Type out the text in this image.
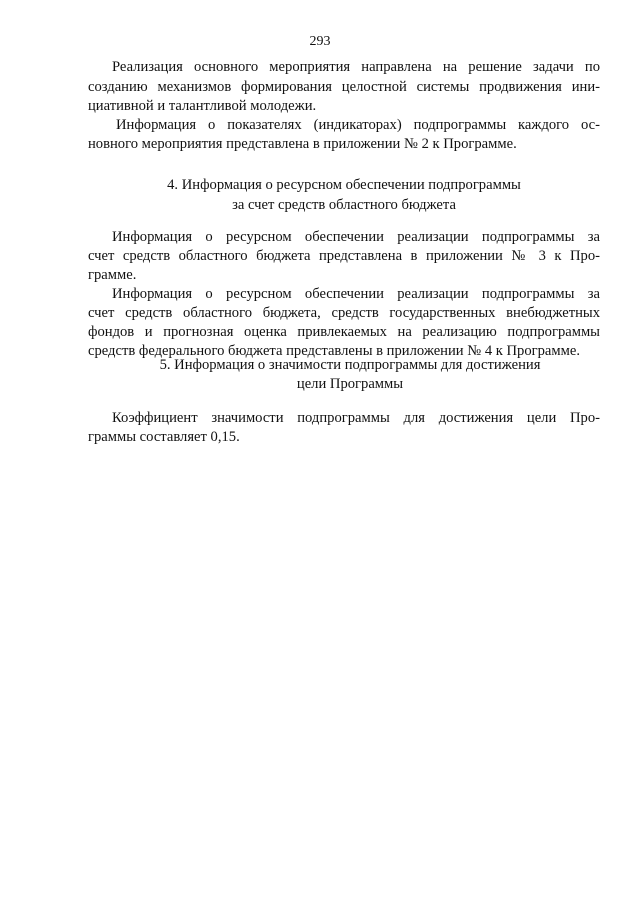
293
Реализация основного мероприятия направлена на решение задачи по
созданию механизмов формирования целостной системы продвижения ини-
циативной и талантливой молодежи.
Информация о показателях (индикаторах) подпрограммы каждого ос-
новного мероприятия представлена в приложении № 2 к Программе.
4. Информация о ресурсном обеспечении подпрограммы
за счет средств областного бюджета
Информация о ресурсном обеспечении реализации подпрограммы за
счет средств областного бюджета представлена в приложении № 3 к Про-
грамме.
Информация о ресурсном обеспечении реализации подпрограммы за
счет средств областного бюджета, средств государственных внебюджетных
фондов и прогнозная оценка привлекаемых на реализацию подпрограммы
средств федерального бюджета представлены в приложении № 4 к Программе.
5. Информация о значимости подпрограммы для достижения
цели Программы
Коэффициент значимости подпрограммы для достижения цели Про-
граммы составляет 0,15.
